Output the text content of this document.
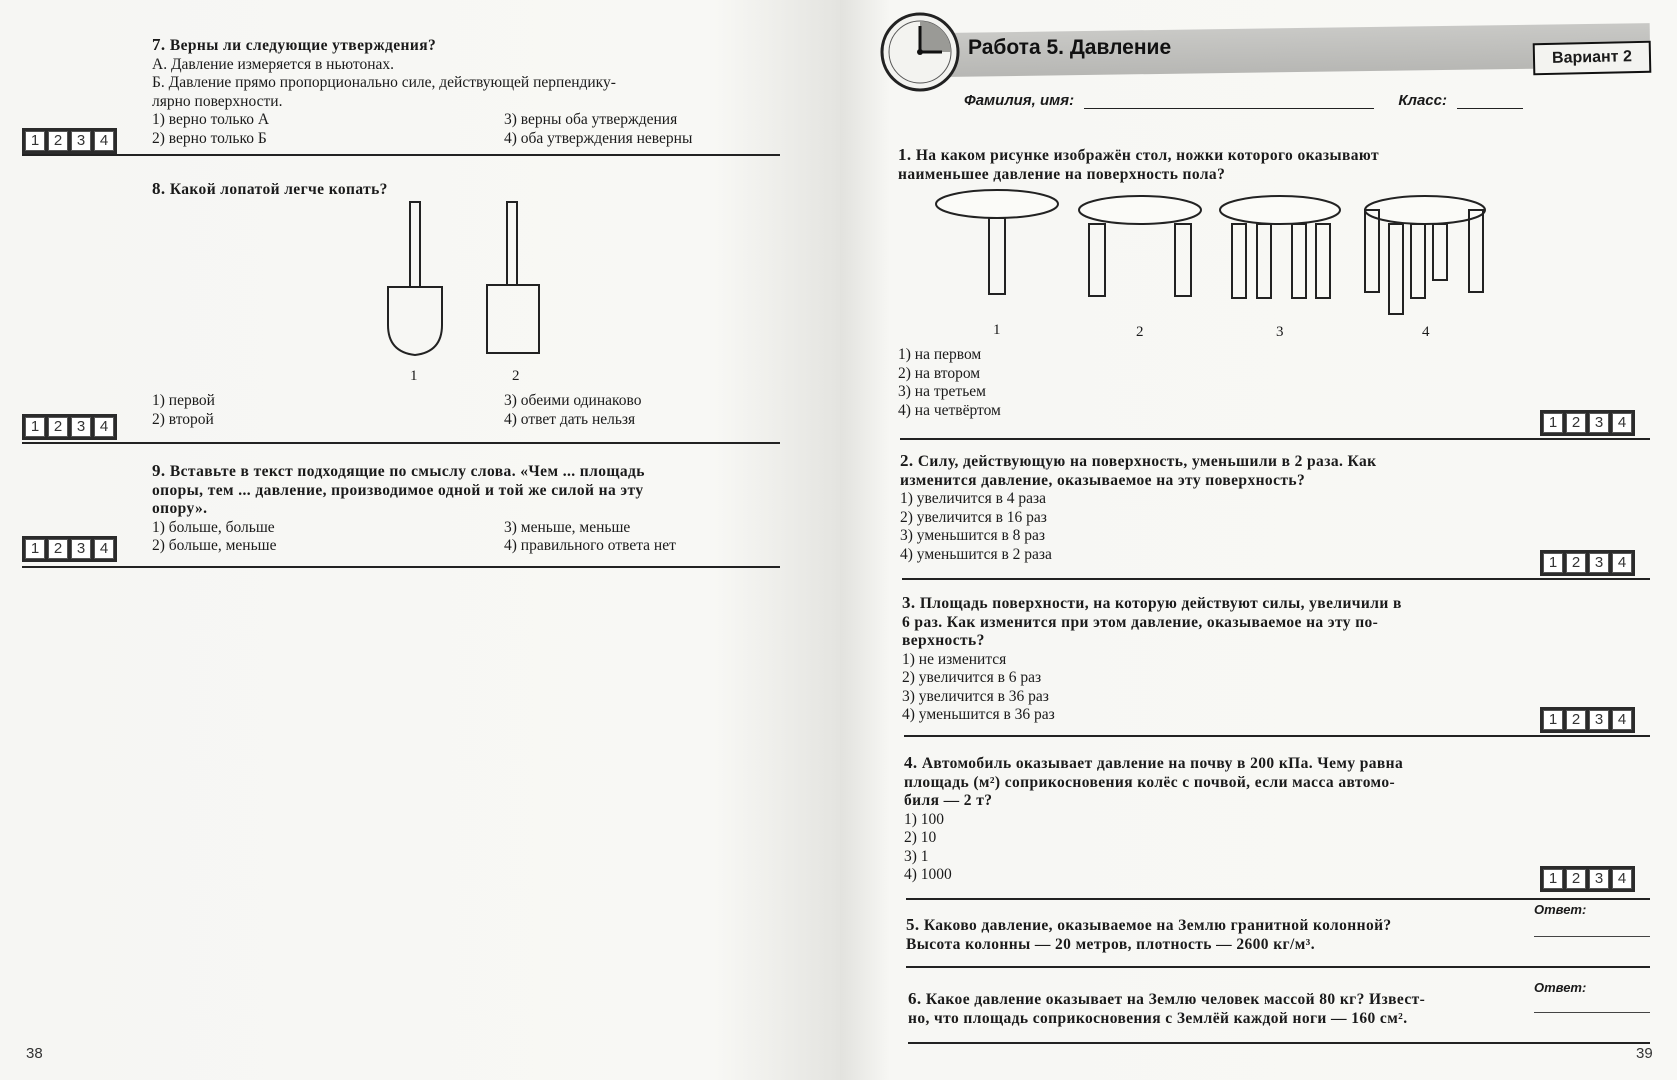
7. Верны ли следующие утверждения?
А. Давление измеряется в ньютонах.
Б. Давление прямо пропорционально силе, действующей перпендику-
лярно поверхности.
1) верно только А	3) верны оба утверждения
2) верно только Б	4) оба утверждения неверны
1 2 3 4
8. Какой лопатой легче копать?
1	2
1) первой	3) обеими одинаково
2) второй	4) ответ дать нельзя
1 2 3 4
9. Вставьте в текст подходящие по смыслу слова. «Чем ... площадь
опоры, тем ... давление, производимое одной и той же силой на эту
опору».
1) больше, больше	3) меньше, меньше
2) больше, меньше	4) правильного ответа нет
1 2 3 4
38
Работа 5. Давление	Вариант 2
Фамилия, имя:	Класс:
1. На каком рисунке изображён стол, ножки которого оказывают
наименьшее давление на поверхность пола?
1	2	3	4
1) на первом
2) на втором
3) на третьем
4) на четвёртом
1 2 3 4
2. Силу, действующую на поверхность, уменьшили в 2 раза. Как
изменится давление, оказываемое на эту поверхность?
1) увеличится в 4 раза
2) увеличится в 16 раз
3) уменьшится в 8 раз
4) уменьшится в 2 раза	1 2 3 4
3. Площадь поверхности, на которую действуют силы, увеличили в
6 раз. Как изменится при этом давление, оказываемое на эту по-
верхность?
1) не изменится
2) увеличится в 6 раз
3) увеличится в 36 раз
4) уменьшится в 36 раз	1 2 3 4
4. Автомобиль оказывает давление на почву в 200 кПа. Чему равна
площадь (м²) соприкосновения колёс с почвой, если масса автомо-
биля — 2 т?
1) 100
2) 10
3) 1
4) 1000	1 2 3 4
5. Каково давление, оказываемое на Землю гранитной колонной?
Высота колонны — 20 метров, плотность — 2600 кг/м³.
Ответ:
6. Какое давление оказывает на Землю человек массой 80 кг? Извест-
но, что площадь соприкосновения с Землёй каждой ноги — 160 см².
Ответ:
39
